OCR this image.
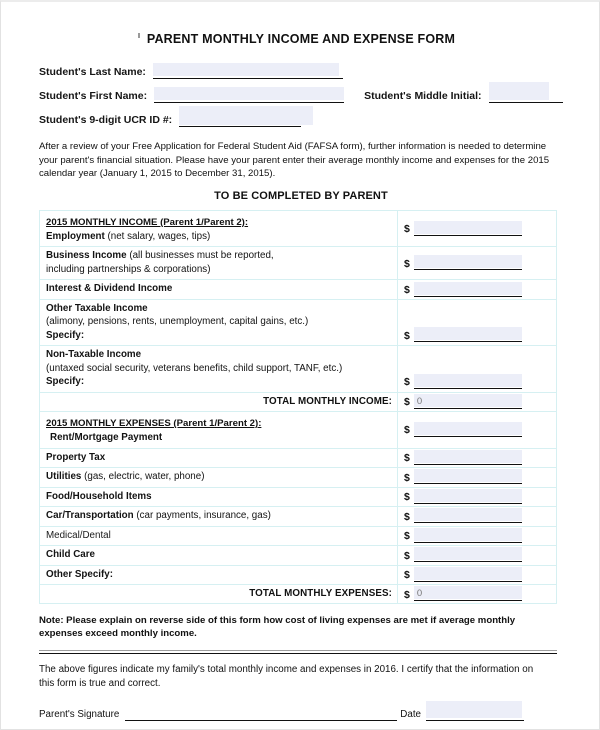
PARENT MONTHLY INCOME AND EXPENSE FORM
Student's Last Name:
Student's First Name:	Student's Middle Initial:
Student's 9-digit UCR ID #:
After a review of your Free Application for Federal Student Aid (FAFSA form), further information is needed to determine your parent's financial situation. Please have your parent enter their average monthly income and expenses for the 2015 calendar year (January 1, 2015 to December 31, 2015).
TO BE COMPLETED BY PARENT
2015 MONTHLY INCOME (Parent 1/Parent 2):
Employment (net salary, wages, tips)	$

Business Income (all businesses must be reported,
including partnerships & corporations)	$

Interest & Dividend Income	$

Other Taxable Income
(alimony, pensions, rents, unemployment, capital gains, etc.)
Specify:	$

Non-Taxable Income
(untaxed social security, veterans benefits, child support, TANF, etc.)
Specify:	$

TOTAL MONTHLY INCOME:	$ 0

2015 MONTHLY EXPENSES (Parent 1/Parent 2):
Rent/Mortgage Payment	$

Property Tax	$

Utilities (gas, electric, water, phone)	$

Food/Household Items	$

Car/Transportation (car payments, insurance, gas)	$

Medical/Dental	$

Child Care	$

Other Specify:	$

TOTAL MONTHLY EXPENSES:	$ 0
Note: Please explain on reverse side of this form how cost of living expenses are met if average monthly expenses exceed monthly income.
The above figures indicate my family's total monthly income and expenses in 2016. I certify that the information on this form is true and correct.
Parent's Signature	Date
